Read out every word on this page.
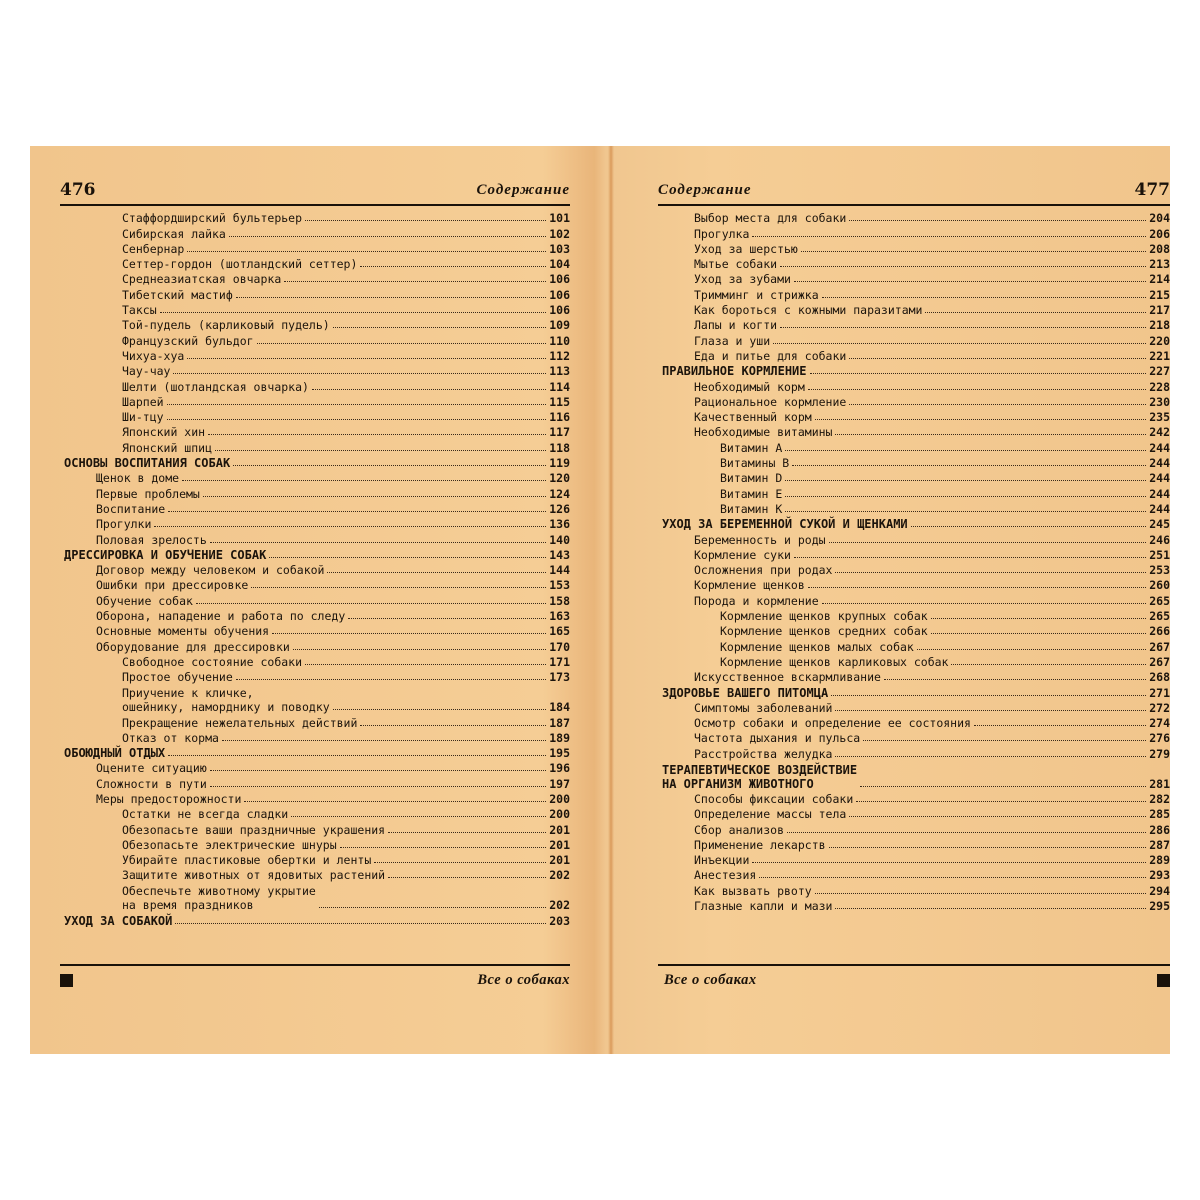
476	Содержание
Стаффордширский бультерьер	101
Сибирская лайка	102
Сенбернар	103
Сеттер-гордон (шотландский сеттер)	104
Среднеазиатская овчарка	106
Тибетский мастиф	106
Таксы	106
Той-пудель (карликовый пудель)	109
Французский бульдог	110
Чихуа-хуа	112
Чау-чау	113
Шелти (шотландская овчарка)	114
Шарпей	115
Ши-тцу	116
Японский хин	117
Японский шпиц	118
ОСНОВЫ ВОСПИТАНИЯ СОБАК	119
Щенок в доме	120
Первые проблемы	124
Воспитание	126
Прогулки	136
Половая зрелость	140
ДРЕССИРОВКА И ОБУЧЕНИЕ СОБАК	143
Договор между человеком и собакой	144
Ошибки при дрессировке	153
Обучение собак	158
Оборона, нападение и работа по следу	163
Основные моменты обучения	165
Оборудование для дрессировки	170
Свободное состояние собаки	171
Простое обучение	173
Приучение к кличке,
ошейнику, наморднику и поводку	184
Прекращение нежелательных действий	187
Отказ от корма	189
ОБОЮДНЫЙ ОТДЫХ	195
Оцените ситуацию	196
Сложности в пути	197
Меры предосторожности	200
Остатки не всегда сладки	200
Обезопасьте ваши праздничные украшения	201
Обезопасьте электрические шнуры	201
Убирайте пластиковые обертки и ленты	201
Защитите животных от ядовитых растений	202
Обеспечьте животному укрытие
на время праздников	202
УХОД ЗА СОБАКОЙ	203
Все о собаках
Содержание	477
Выбор места для собаки	204
Прогулка	206
Уход за шерстью	208
Мытье собаки	213
Уход за зубами	214
Тримминг и стрижка	215
Как бороться с кожными паразитами	217
Лапы и когти	218
Глаза и уши	220
Еда и питье для собаки	221
ПРАВИЛЬНОЕ КОРМЛЕНИЕ	227
Необходимый корм	228
Рациональное кормление	230
Качественный корм	235
Необходимые витамины	242
Витамин А	244
Витамины В	244
Витамин D	244
Витамин Е	244
Витамин К	244
УХОД ЗА БЕРЕМЕННОЙ СУКОЙ И ЩЕНКАМИ	245
Беременность и роды	246
Кормление суки	251
Осложнения при родах	253
Кормление щенков	260
Порода и кормление	265
Кормление щенков крупных собак	265
Кормление щенков средних собак	266
Кормление щенков малых собак	267
Кормление щенков карликовых собак	267
Искусственное вскармливание	268
ЗДОРОВЬЕ ВАШЕГО ПИТОМЦА	271
Симптомы заболеваний	272
Осмотр собаки и определение ее состояния	274
Частота дыхания и пульса	276
Расстройства желудка	279
ТЕРАПЕВТИЧЕСКОЕ ВОЗДЕЙСТВИЕ
НА ОРГАНИЗМ ЖИВОТНОГО	281
Способы фиксации собаки	282
Определение массы тела	285
Сбор анализов	286
Применение лекарств	287
Инъекции	289
Анестезия	293
Как вызвать рвоту	294
Глазные капли и мази	295
Все о собаках
